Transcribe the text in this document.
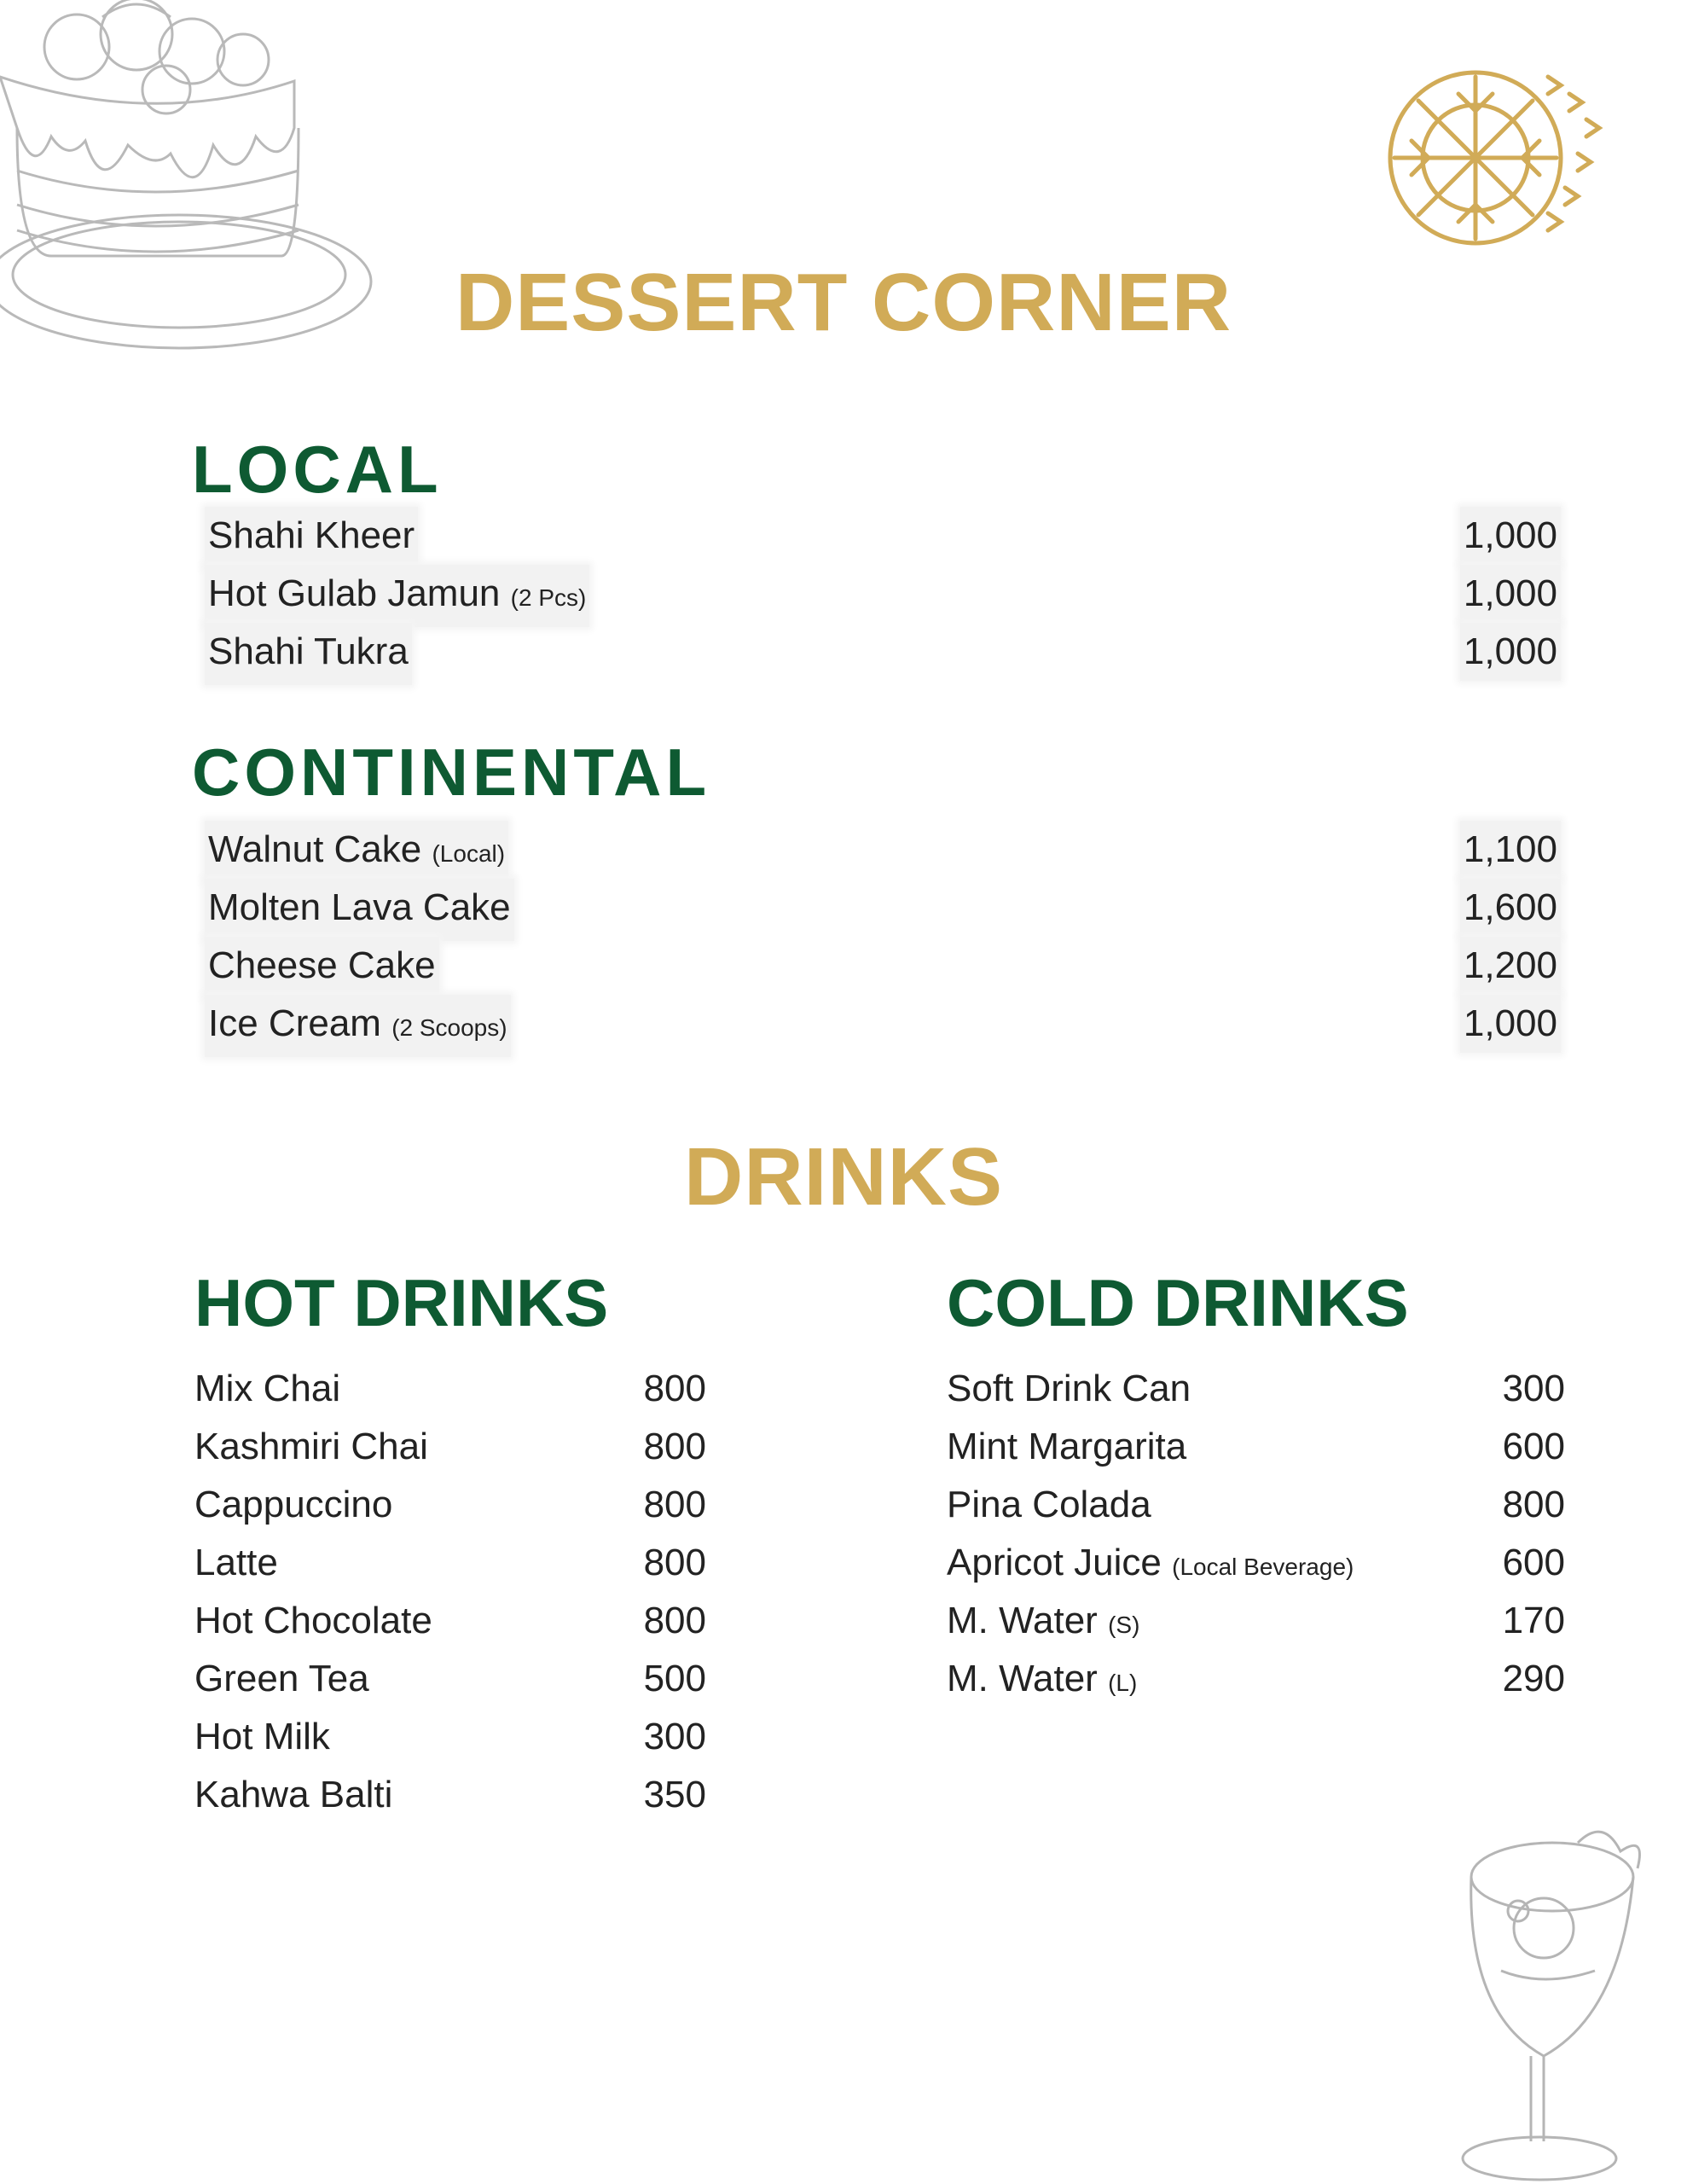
DESSERT CORNER
LOCAL
Shahi Kheer	1,000
Hot Gulab Jamun (2 Pcs)	1,000
Shahi Tukra	1,000
CONTINENTAL
Walnut Cake (Local)	1,100
Molten Lava Cake	1,600
Cheese Cake	1,200
Ice Cream (2 Scoops)	1,000
DRINKS
HOT DRINKS
Mix Chai	800
Kashmiri Chai	800
Cappuccino	800
Latte	800
Hot Chocolate	800
Green Tea	500
Hot Milk	300
Kahwa Balti	350
COLD DRINKS
Soft Drink Can	300
Mint Margarita	600
Pina Colada	800
Apricot Juice (Local Beverage)	600
M. Water (S)	170
M. Water (L)	290
